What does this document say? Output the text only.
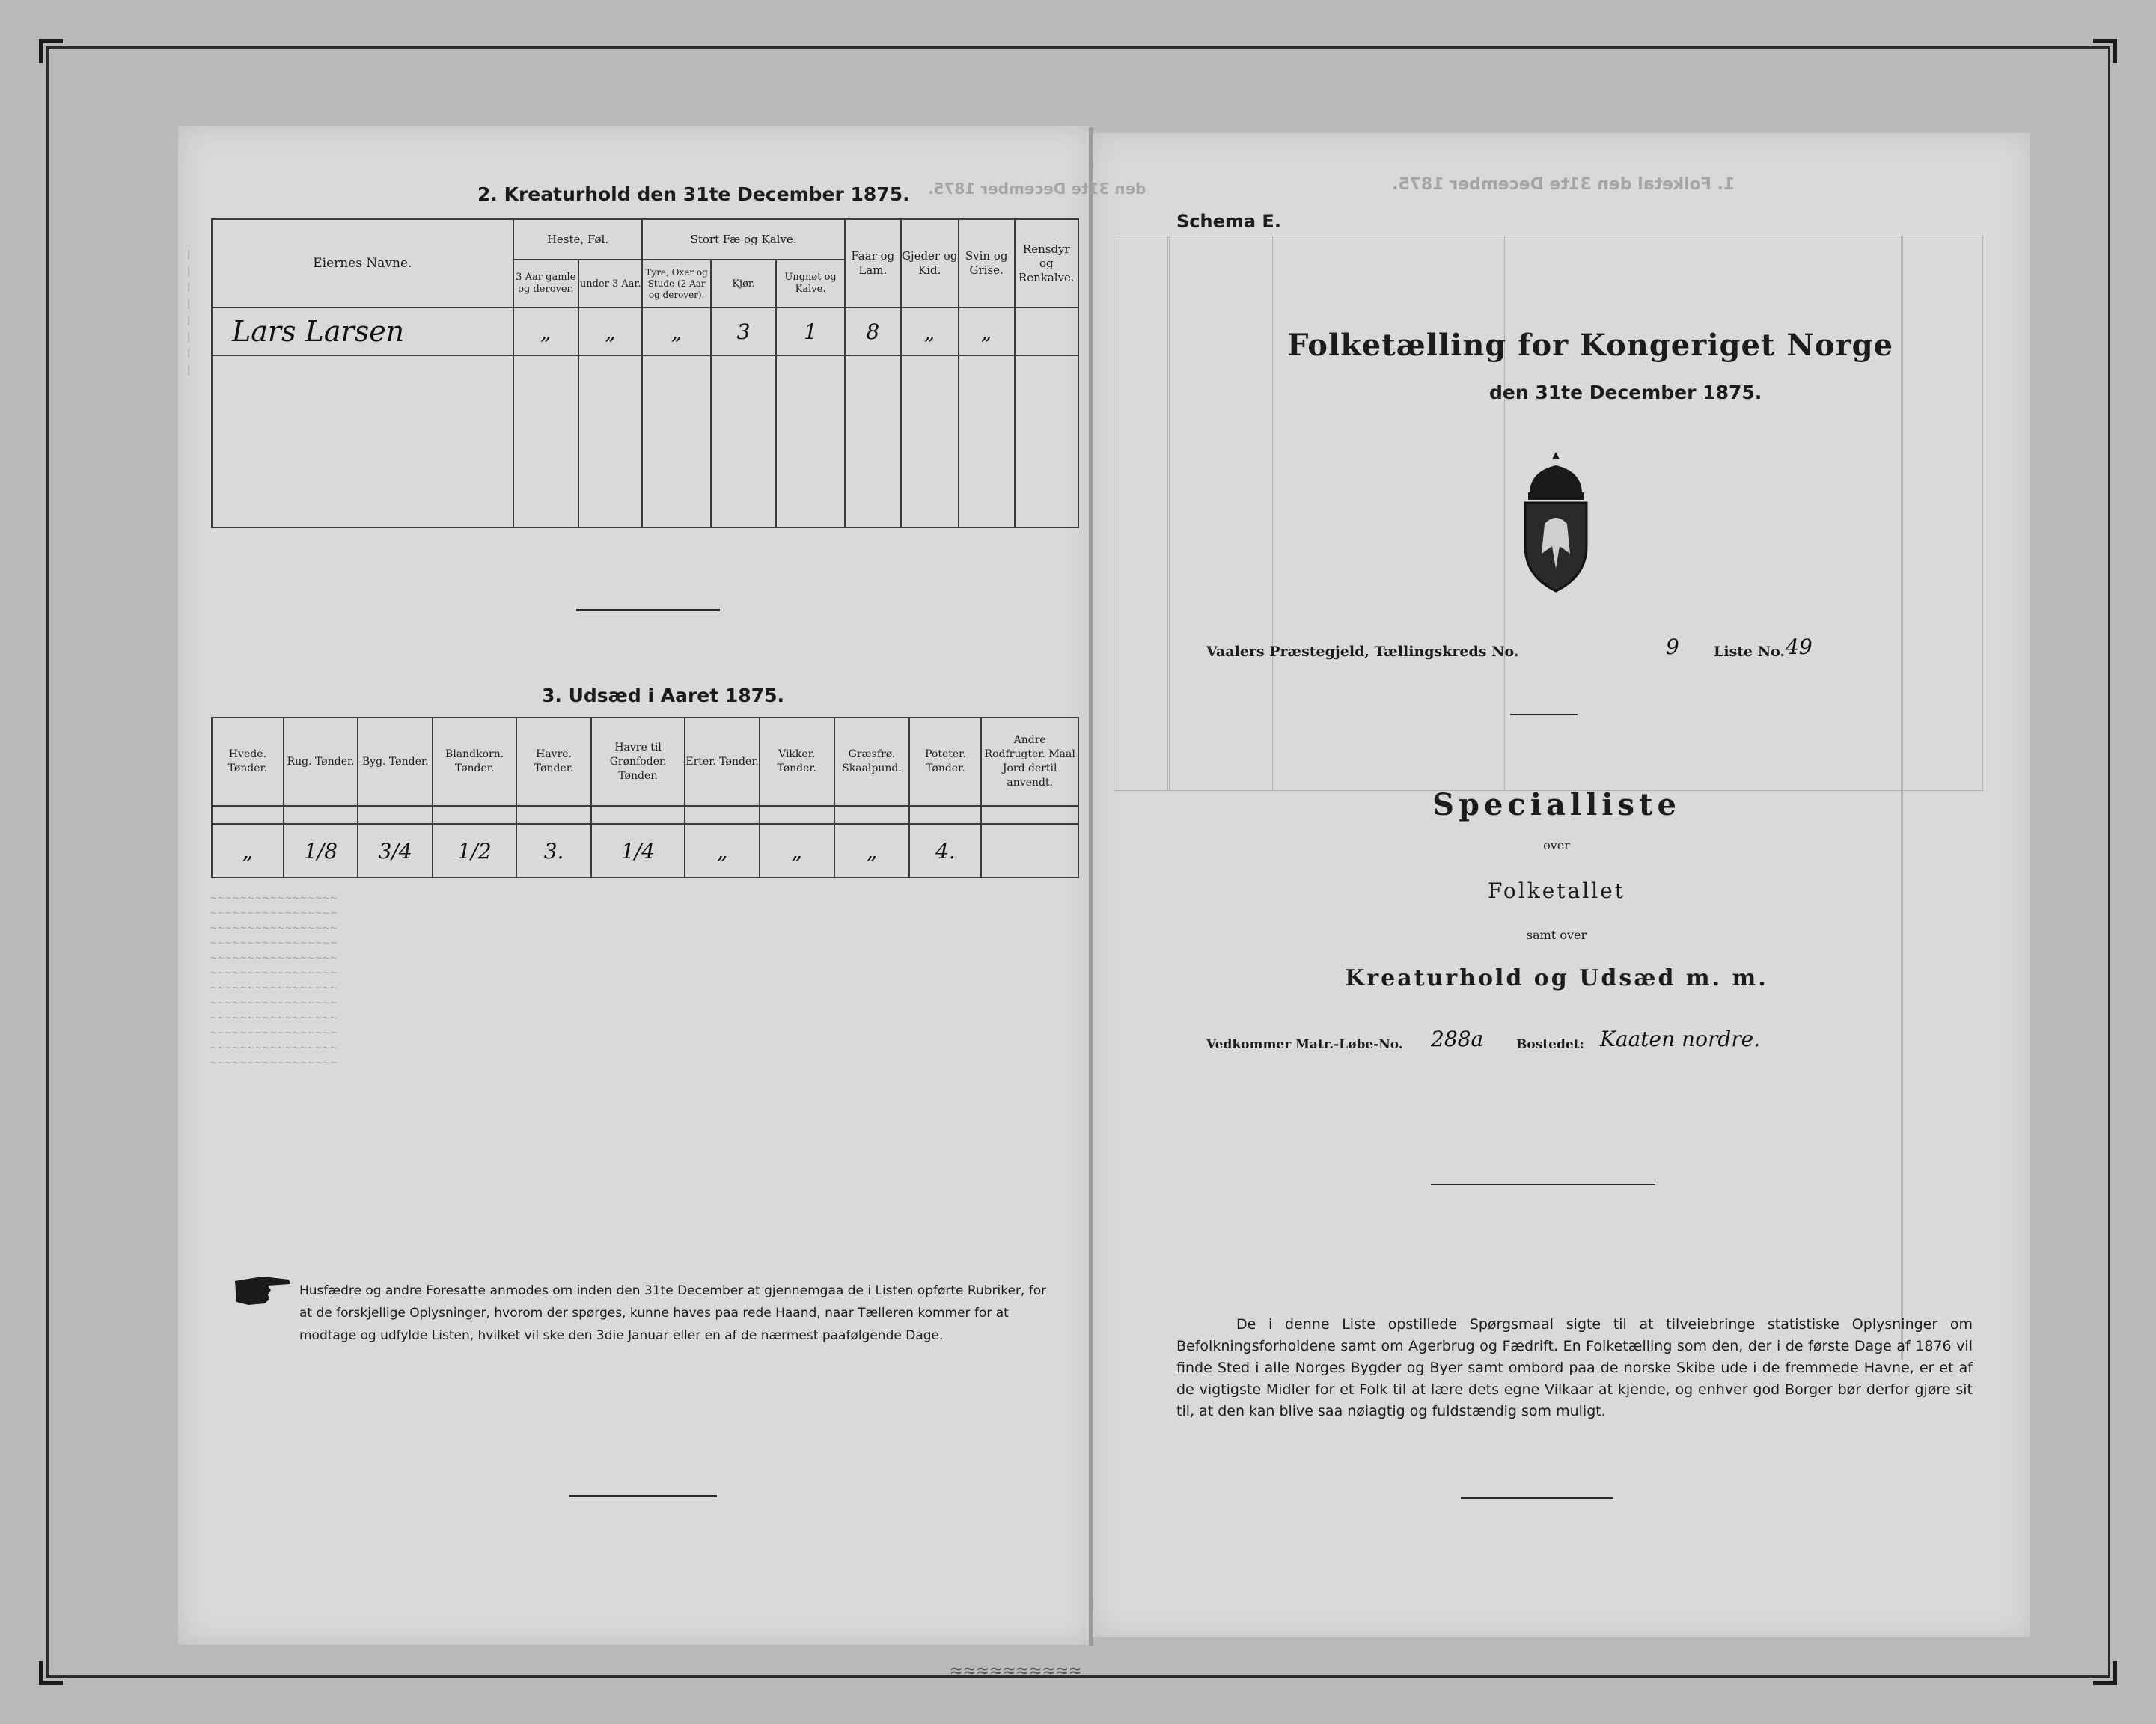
2. Kreaturhold den 31te December 1875. den 31te December 1875.
|
|
|
|
|
|
|
|
Eiernes Navne.	Heste, Føl.		Stort Fæ og Kalve.			Faar og Lam.	Gjeder og Kid.	Svin og Grise.	Rensdyr og Renkalve.
	3 Aar gamle og derover.	under 3 Aar.	Tyre, Oxer og Stude (2 Aar og derover).	Kjør.	Ungnøt og Kalve.				
Lars Larsen	„	„	„	3	1	8	„	„	

3. Udsæd i Aaret 1875.
Hvede. Tønder.	Rug. Tønder.	Byg. Tønder.	Blandkorn. Tønder.	Havre. Tønder.	Havre til Grønfoder. Tønder.	Erter. Tønder.	Vikker. Tønder.	Græsfrø. Skaalpund.	Poteter. Tønder.	Andre Rodfrugter. Maal Jord dertil anvendt.

„	1/8	3/4	1/2	3.	1/4	„	„	„	4.	
~~~~~~~~~~~~~~~~~
~~~~~~~~~~~~~~~~~
~~~~~~~~~~~~~~~~~
~~~~~~~~~~~~~~~~~
~~~~~~~~~~~~~~~~~
~~~~~~~~~~~~~~~~~
~~~~~~~~~~~~~~~~~
~~~~~~~~~~~~~~~~~
~~~~~~~~~~~~~~~~~
~~~~~~~~~~~~~~~~~
~~~~~~~~~~~~~~~~~
~~~~~~~~~~~~~~~~~
Husfædre og andre Foresatte anmodes om inden den 31te December at gjennemgaa de i Listen opførte Rubriker, for at de forskjellige Oplysninger, hvorom der spørges, kunne haves paa rede Haand, naar Tælleren kommer for at modtage og udfylde Listen, hvilket vil ske den 3die Januar eller en af de nærmest paafølgende Dage.
Schema E.
1. Folketal den 31te December 1875.
Folketælling for Kongeriget Norge
den 31te December 1875.
Vaalers Præstegjeld, Tællingskreds No.	9 Liste No. 49
Specialliste
over
Folketallet
samt over
Kreaturhold og Udsæd m. m.
Vedkommer Matr.-Løbe-No. 288a	Bostedet: Kaaten nordre.
De i denne Liste opstillede Spørgsmaal sigte til at tilveiebringe statistiske Oplysninger om Befolkningsforholdene samt om Agerbrug og Fædrift. En Folketælling som den, der i de første Dage af 1876 vil finde Sted i alle Norges Bygder og Byer samt ombord paa de norske Skibe ude i de fremmede Havne, er et af de vigtigste Midler for et Folk til at lære dets egne Vilkaar at kjende, og enhver god Borger bør derfor gjøre sit til, at den kan blive saa nøiagtig og fuldstændig som muligt.
≈≈≈≈≈≈≈≈≈≈
